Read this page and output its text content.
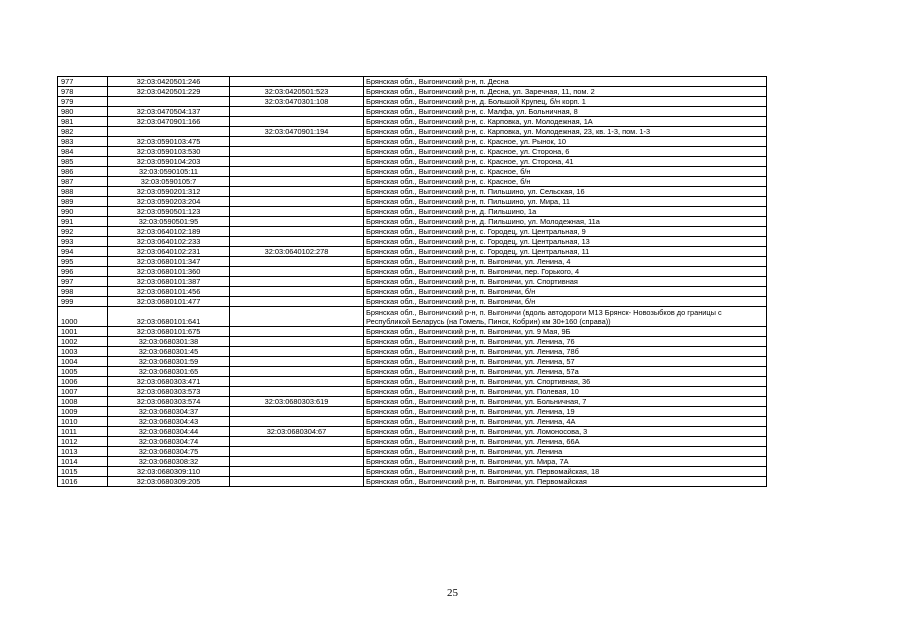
977	32:03:0420501:246		Брянская обл., Выгоничский р-н, п. Десна
978	32:03:0420501:229	32:03:0420501:523	Брянская обл., Выгоничский р-н, п. Десна, ул. Заречная, 11, пом. 2
979		32:03:0470301:108	Брянская обл., Выгоничский р-н, д. Большой Крупец, б/н корп. 1
980	32:03:0470504:137		Брянская обл., Выгоничский р-н, с. Малфа, ул. Больничная, 8
981	32:03:0470901:166		Брянская обл., Выгоничский р-н, с. Карповка, ул. Молодежная, 1А
982		32:03:0470901:194	Брянская обл., Выгоничский р-н, с. Карповка, ул. Молодежная, 23, кв. 1-3, пом. 1-3
983	32:03:0590103:475		Брянская обл., Выгоничский р-н, с. Красное, ул. Рынок, 10
984	32:03:0590103:530		Брянская обл., Выгоничский р-н, с. Красное, ул. Сторона, 6
985	32:03:0590104:203		Брянская обл., Выгоничский р-н, с. Красное, ул. Сторона, 41
986	32:03:0590105:11		Брянская обл., Выгоничский р-н, с. Красное, б/н
987	32:03:0590105:7		Брянская обл., Выгоничский р-н, с. Красное, б/н
988	32:03:0590201:312		Брянская обл., Выгоничский р-н, п. Пильшино, ул. Сельская, 16
989	32:03:0590203:204		Брянская обл., Выгоничский р-н, п. Пильшино, ул. Мира, 11
990	32:03:0590501:123		Брянская обл., Выгоничский р-н, д. Пильшино, 1а
991	32:03:0590501:95		Брянская обл., Выгоничский р-н, д. Пильшино, ул. Молодежная, 11а
992	32:03:0640102:189		Брянская обл., Выгоничский р-н, с. Городец, ул. Центральная, 9
993	32:03:0640102:233		Брянская обл., Выгоничский р-н, с. Городец, ул. Центральная, 13
994	32:03:0640102:231	32:03:0640102:278	Брянская обл., Выгоничский р-н, с. Городец, ул. Центральная, 11
995	32:03:0680101:347		Брянская обл., Выгоничский р-н, п. Выгоничи, ул. Ленина, 4
996	32:03:0680101:360		Брянская обл., Выгоничский р-н, п. Выгоничи, пер. Горького, 4
997	32:03:0680101:387		Брянская обл., Выгоничский р-н, п. Выгоничи, ул. Спортивная
998	32:03:0680101:456		Брянская обл., Выгоничский р-н, п. Выгоничи, б/н
999	32:03:0680101:477		Брянская обл., Выгоничский р-н, п. Выгоничи, б/н
1000	32:03:0680101:641		Брянская обл., Выгоничский р-н, п. Выгоничи (вдоль автодороги М13 Брянск- Новозыбков до границы с Республикой Беларусь (на Гомель, Пинск, Кобрин) км 30+160 (справа))
1001	32:03:0680101:675		Брянская обл., Выгоничский р-н, п. Выгоничи, ул. 9 Мая, 9Б
1002	32:03:0680301:38		Брянская обл., Выгоничский р-н, п. Выгоничи, ул. Ленина, 76
1003	32:03:0680301:45		Брянская обл., Выгоничский р-н, п. Выгоничи, ул. Ленина, 78б
1004	32:03:0680301:59		Брянская обл., Выгоничский р-н, п. Выгоничи, ул. Ленина, 57
1005	32:03:0680301:65		Брянская обл., Выгоничский р-н, п. Выгоничи, ул. Ленина, 57а
1006	32:03:0680303:471		Брянская обл., Выгоничский р-н, п. Выгоничи, ул. Спортивная, 36
1007	32:03:0680303:573		Брянская обл., Выгоничский р-н, п. Выгоничи, ул. Полевая, 10
1008	32:03:0680303:574	32:03:0680303:619	Брянская обл., Выгоничский р-н, п. Выгоничи, ул. Больничная, 7
1009	32:03:0680304:37		Брянская обл., Выгоничский р-н, п. Выгоничи, ул. Ленина, 19
1010	32:03:0680304:43		Брянская обл., Выгоничский р-н, п. Выгоничи, ул. Ленина, 4А
1011	32:03:0680304:44	32:03:0680304:67	Брянская обл., Выгоничский р-н, п. Выгоничи, ул. Ломоносова, 3
1012	32:03:0680304:74		Брянская обл., Выгоничский р-н, п. Выгоничи, ул. Ленина, 66А
1013	32:03:0680304:75		Брянская обл., Выгоничский р-н, п. Выгоничи, ул. Ленина
1014	32:03:0680308:32		Брянская обл., Выгоничский р-н, п. Выгоничи, ул. Мира, 7А
1015	32:03:0680309:110		Брянская обл., Выгоничский р-н, п. Выгоничи, ул. Первомайская, 18
1016	32:03:0680309:205		Брянская обл., Выгоничский р-н, п. Выгоничи, ул. Первомайская
25
